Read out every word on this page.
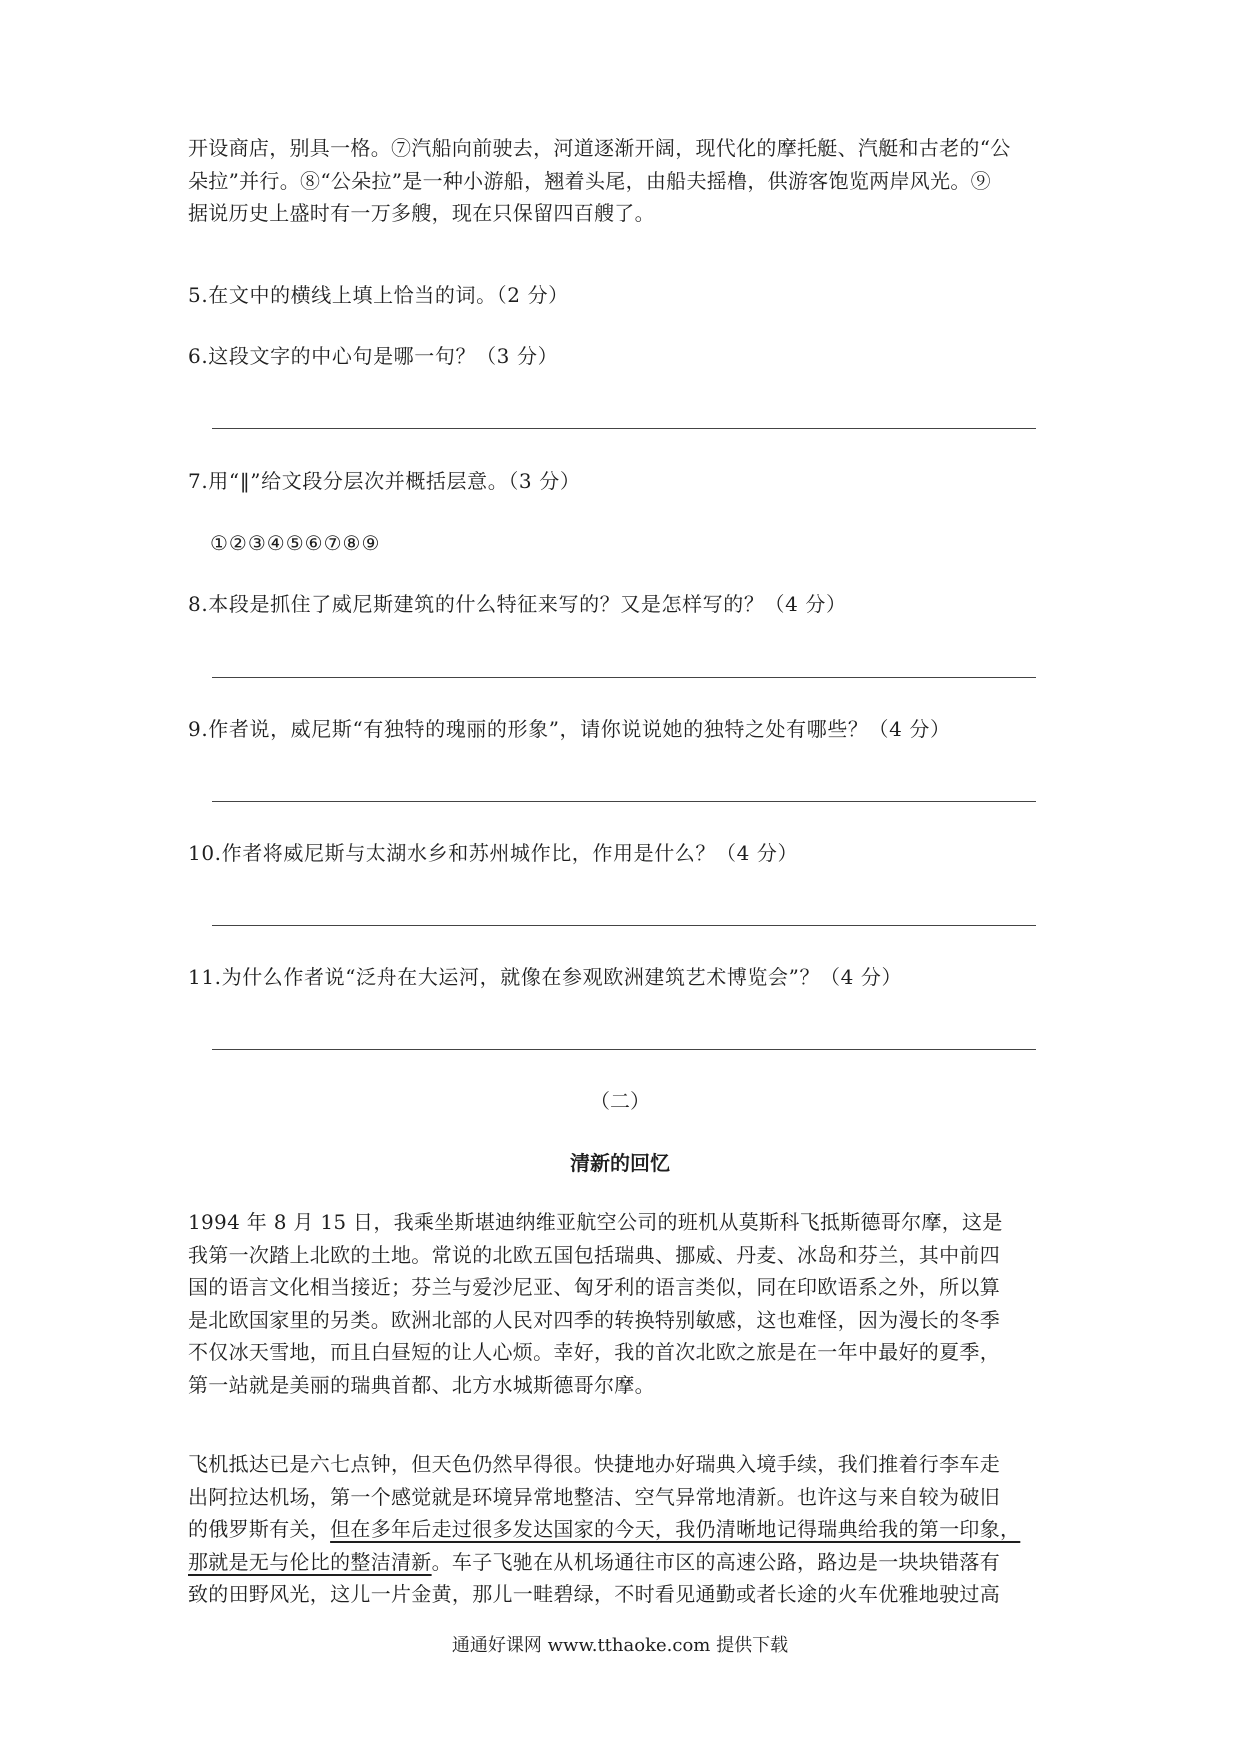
开设商店，别具一格。⑦汽船向前驶去，河道逐渐开阔，现代化的摩托艇、汽艇和古老的“公
朵拉”并行。⑧“公朵拉”是一种小游船，翘着头尾，由船夫摇橹，供游客饱览两岸风光。⑨
据说历史上盛时有一万多艘，现在只保留四百艘了。
5.在文中的横线上填上恰当的词。（2 分）
6.这段文字的中心句是哪一句？（3 分）
7.用“‖”给文段分层次并概括层意。（3 分）
①②③④⑤⑥⑦⑧⑨
8.本段是抓住了威尼斯建筑的什么特征来写的？又是怎样写的？（4 分）
9.作者说，威尼斯“有独特的瑰丽的形象”，请你说说她的独特之处有哪些？（4 分）
10.作者将威尼斯与太湖水乡和苏州城作比，作用是什么？（4 分）
11.为什么作者说“泛舟在大运河，就像在参观欧洲建筑艺术博览会”？（4 分）
（二）
清新的回忆
1994 年 8 月 15 日，我乘坐斯堪迪纳维亚航空公司的班机从莫斯科飞抵斯德哥尔摩，这是
我第一次踏上北欧的土地。常说的北欧五国包括瑞典、挪威、丹麦、冰岛和芬兰，其中前四
国的语言文化相当接近；芬兰与爱沙尼亚、匈牙利的语言类似，同在印欧语系之外，所以算
是北欧国家里的另类。欧洲北部的人民对四季的转换特别敏感，这也难怪，因为漫长的冬季
不仅冰天雪地，而且白昼短的让人心烦。幸好，我的首次北欧之旅是在一年中最好的夏季，
第一站就是美丽的瑞典首都、北方水城斯德哥尔摩。
飞机抵达已是六七点钟，但天色仍然早得很。快捷地办好瑞典入境手续，我们推着行李车走
出阿拉达机场，第一个感觉就是环境异常地整洁、空气异常地清新。也许这与来自较为破旧
的俄罗斯有关，但在多年后走过很多发达国家的今天，我仍清晰地记得瑞典给我的第一印象，
那就是无与伦比的整洁清新。车子飞驰在从机场通往市区的高速公路，路边是一块块错落有
致的田野风光，这儿一片金黄，那儿一畦碧绿，不时看见通勤或者长途的火车优雅地驶过高
通通好课网 www.tthaoke.com 提供下载
